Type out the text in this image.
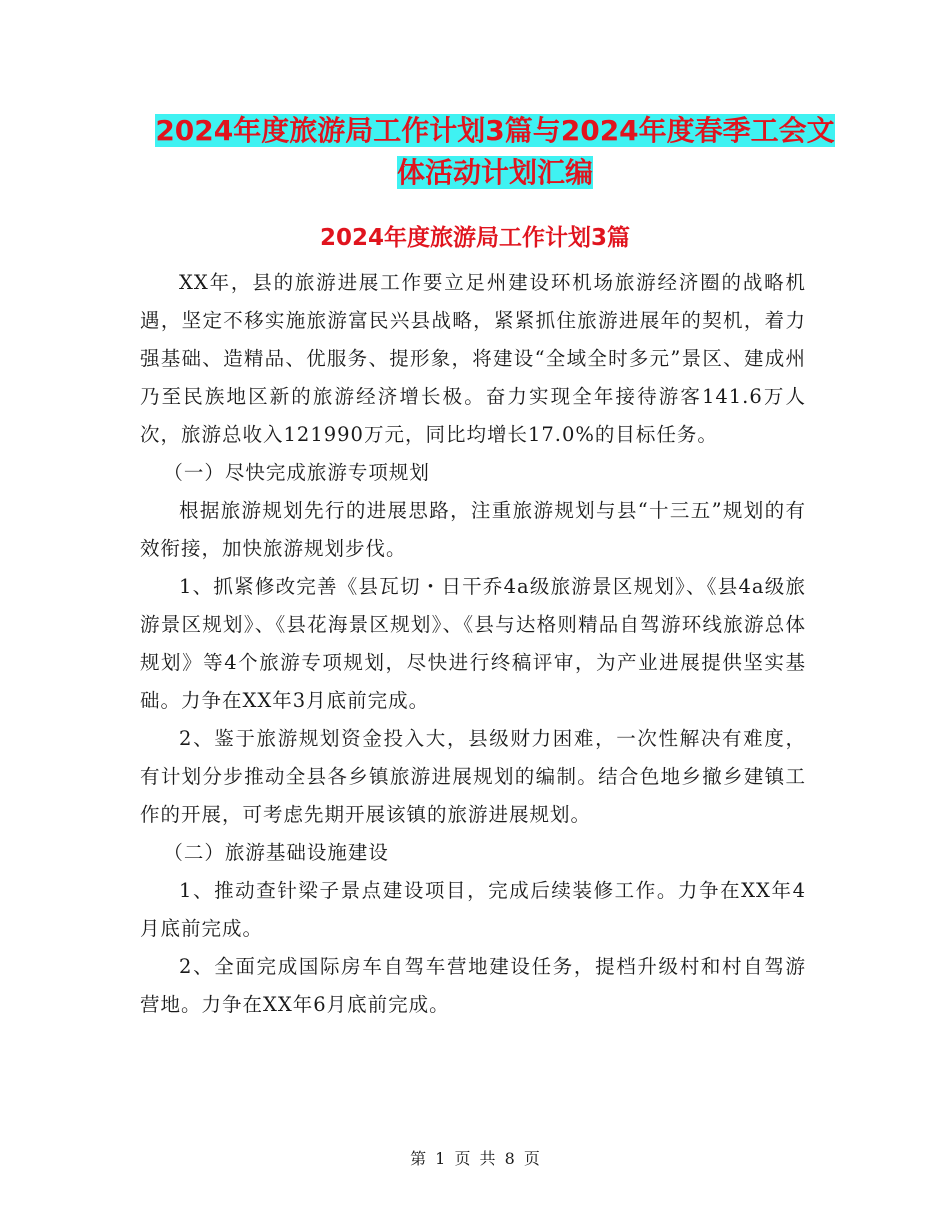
2024年度旅游局工作计划3篇与2024年度春季工会文
体活动计划汇编
2024年度旅游局工作计划3篇

XX年，县的旅游进展工作要立足州建设环机场旅游经济圈的战略机遇，坚定不移实施旅游富民兴县战略，紧紧抓住旅游进展年的契机，着力强基础、造精品、优服务、提形象，将建设“全域全时多元”景区、建成州乃至民族地区新的旅游经济增长极。奋力实现全年接待游客141.6万人次，旅游总收入121990万元，同比均增长17.0%的目标任务。

（一）尽快完成旅游专项规划

根据旅游规划先行的进展思路，注重旅游规划与县“十三五”规划的有效衔接，加快旅游规划步伐。

1、抓紧修改完善《县瓦切・日干乔4a级旅游景区规划》、《县4a级旅游景区规划》、《县花海景区规划》、《县与达格则精品自驾游环线旅游总体规划》等4个旅游专项规划，尽快进行终稿评审，为产业进展提供坚实基础。力争在XX年3月底前完成。

2、鉴于旅游规划资金投入大，县级财力困难，一次性解决有难度，有计划分步推动全县各乡镇旅游进展规划的编制。结合色地乡撤乡建镇工作的开展，可考虑先期开展该镇的旅游进展规划。

（二）旅游基础设施建设

1、推动查针梁子景点建设项目，完成后续装修工作。力争在XX年4月底前完成。

2、全面完成国际房车自驾车营地建设任务，提档升级村和村自驾游营地。力争在XX年6月底前完成。

第 1 页 共 8 页
